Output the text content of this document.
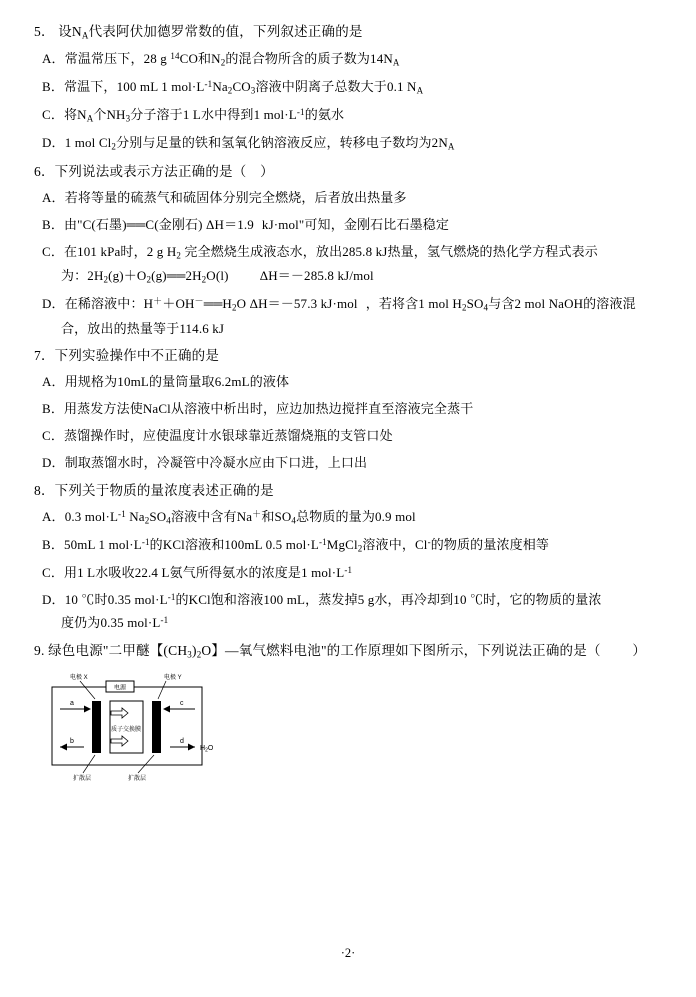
5． 设$N_A$代表阿伏加德罗常数的值，下列叙述正确的是
A．常温常压下，28 g $^{14}$CO和$N_2$的混合物所含的质子数为$14N_A$
B．常温下，100 mL 1 $mol\cdot L^{-1}Na_2CO_3$溶液中阴离子总数大于0.1 $N_A$
C．将$N_A$个$NH_3$分子溶于1 L水中得到1 $mol\cdot L^{-1}$的氨水
D．1 mol $Cl_2$分别与足量的铁和氢氧化钠溶液反应，转移电子数均为$2N_A$
6．下列说法或表示方法正确的是（　）
A．若将等量的硫蒸气和硫固体分别完全燃烧，后者放出热量多
B．由"C(石墨)══C(金刚石) ΔH＝1.9 kJ·mol"可知，金刚石比石墨稳定
C．在101 kPa时，2 g $H_2$ 完全燃烧生成液态水，放出285.8 kJ热量，氢气燃烧的热化学方程式表示
为：$2H_2(g)+O_2(g)══2H_2O(l)$　ΔH＝－285.8 kJ/mol
D．在稀溶液中：$H^++OH^-══H_2O$ ΔH＝－57.3 kJ·mol ，若将含1 mol $H_2SO_4$与含2 mol NaOH的溶液混
合，放出的热量等于114.6 kJ
7．下列实验操作中不正确的是
A．用规格为10mL的量筒量取6.2mL的液体
B．用蒸发方法使NaCl从溶液中析出时，应边加热边搅拌直至溶液完全蒸干
C．蒸馏操作时，应使温度计水银球靠近蒸馏烧瓶的支管口处
D．制取蒸馏水时，冷凝管中冷凝水应由下口进，上口出
8．下列关于物质的量浓度表述正确的是
A．0.3 $mol\cdot L^{-1}$ $Na_2SO_4$溶液中含有Na＋和$SO_4$总物质的量为0.9 mol
B．50mL 1 $mol\cdot L^{-1}$的KCl溶液和100mL 0.5 $mol\cdot L^{-1}MgCl_2$溶液中，Cl-的物质的量浓度相等
C．用1 L水吸收22.4 L氨气所得氨水的浓度是1 $mol\cdot L^{-1}$
D．10 ℃时0.35 $mol\cdot L^{-1}$的KCl饱和溶液100 mL，蒸发掉5 g水，再冷却到10 ℃时，它的物质的量浓
度仍为0.35 $mol\cdot L^{-1}$
9. 绿色电源"二甲醚【$(CH_3)_2O$】—氧气燃料电池"的工作原理如下图所示，下列说法正确的是（　）
电源
质子交换膜
a
b
c
d
$H_2O$
电极 X	电极 Y
扩散层	扩散层
·2·
